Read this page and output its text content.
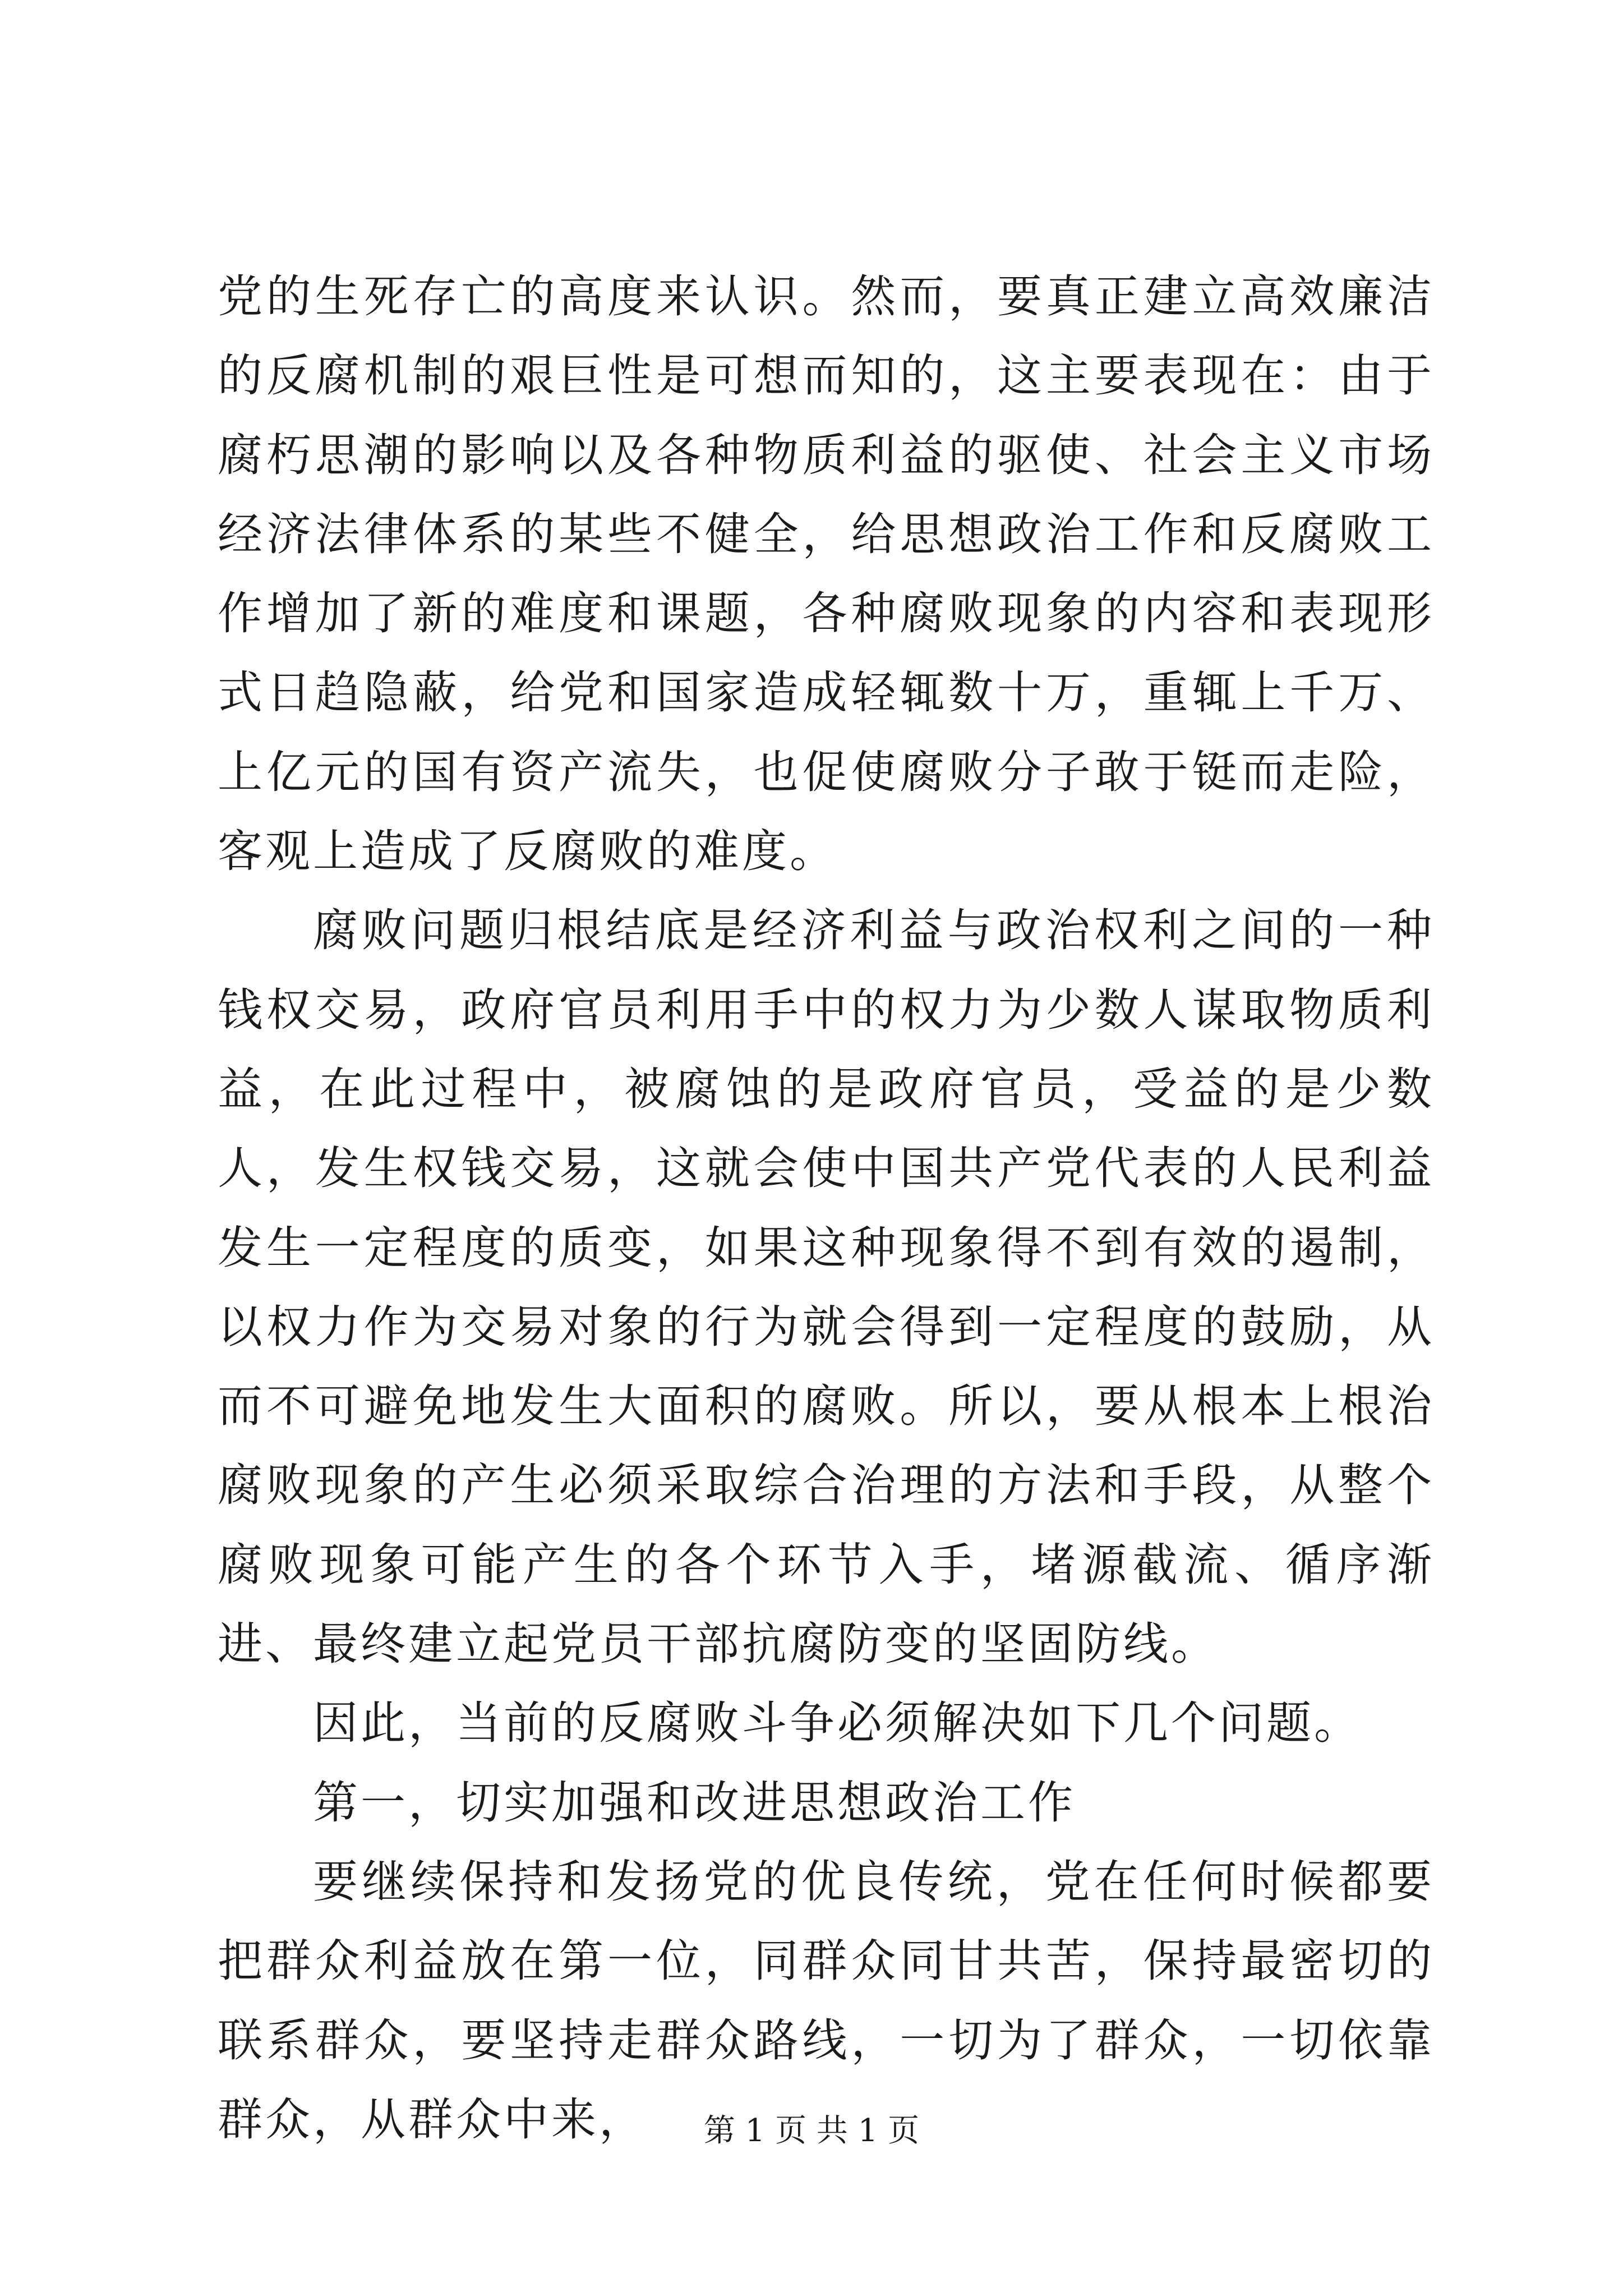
党的生死存亡的高度来认识。然而，要真正建立高效廉洁的反腐机制的艰巨性是可想而知的，这主要表现在：由于腐朽思潮的影响以及各种物质利益的驱使、社会主义市场经济法律体系的某些不健全，给思想政治工作和反腐败工作增加了新的难度和课题，各种腐败现象的内容和表现形式日趋隐蔽，给党和国家造成轻辄数十万，重辄上千万、上亿元的国有资产流失，也促使腐败分子敢于铤而走险，客观上造成了反腐败的难度。

腐败问题归根结底是经济利益与政治权利之间的一种钱权交易，政府官员利用手中的权力为少数人谋取物质利益，在此过程中，被腐蚀的是政府官员，受益的是少数人，发生权钱交易，这就会使中国共产党代表的人民利益发生一定程度的质变，如果这种现象得不到有效的遏制，以权力作为交易对象的行为就会得到一定程度的鼓励，从而不可避免地发生大面积的腐败。所以，要从根本上根治腐败现象的产生必须采取综合治理的方法和手段，从整个腐败现象可能产生的各个环节入手，堵源截流、循序渐进、最终建立起党员干部抗腐防变的坚固防线。

因此，当前的反腐败斗争必须解决如下几个问题。

第一，切实加强和改进思想政治工作

要继续保持和发扬党的优良传统，党在任何时候都要把群众利益放在第一位，同群众同甘共苦，保持最密切的联系群众，要坚持走群众路线，一切为了群众，一切依靠群众，从群众中来，	第 1 页 共 1 页
